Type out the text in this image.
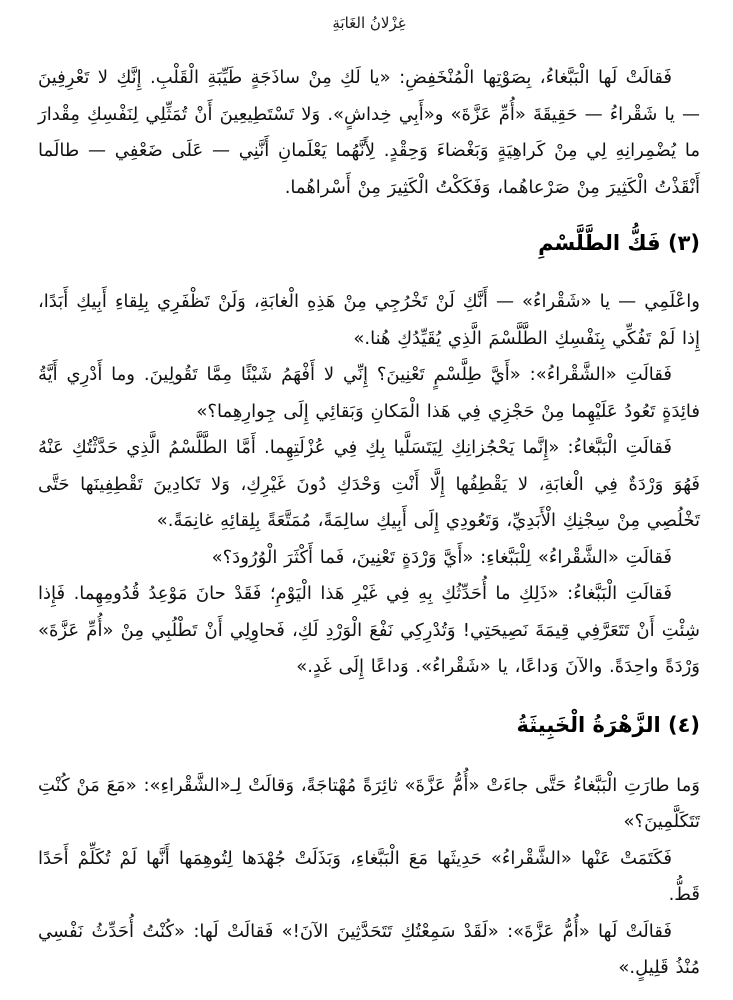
غِزْلانُ الغَابَةِ

فَقالَتْ لَها الْبَبَّغاءُ، بِصَوْتِها الْمُنْخَفِضِ: «يا لَكِ مِنْ ساذَجَةٍ طَيِّبَةِ الْقَلْبِ. إِنَّكِ لا تَعْرِفِينَ — يا شَقْراءُ — حَقِيقَةَ «أُمِّ عَزَّةَ» و«أَبِي خِداشٍ». وَلا تَسْتَطِيعِينَ أَنْ تُمَثِّلِي لِنَفْسِكِ مِقْدارَ ما يُضْمِرانِهِ لِي مِنْ كَراهِيَةٍ وَبَغْضاءَ وَحِقْدٍ. لِأَنَّهُما يَعْلَمانِ أَنَّنِي — عَلَى ضَعْفِي — طالَما أَنْقَذْتُ الْكَثِيرَ مِنْ صَرْعاهُما، وَفَكَكْتُ الْكَثِيرَ مِنْ أَسْراهُما.

(٣) فَكُّ الطَّلَّسْمِ

واعْلَمِي — يا «شَقْراءُ» — أَنَّكِ لَنْ تَخْرُجِي مِنْ هَذِهِ الْغابَةِ، وَلَنْ تَظْفَرِي بِلِقاءِ أَبِيكِ أَبَدًا، إِذا لَمْ تَفُكِّي بِنَفْسِكِ الطَّلَّسْمَ الَّذِي يُقَيِّدُكِ هُنا.»

فَقالَتِ «الشَّقْراءُ»: «أَيَّ طِلَّسْمٍ تَعْنِينَ؟ إِنِّي لا أَفْهَمُ شَيْئًا مِمَّا تَقُولِينَ. وما أَدْرِي أَيَّةُ فائِدَةٍ تَعُودُ عَلَيْهِما مِنْ حَجْزِي فِي هَذا الْمَكانِ وَبَقائِي إِلَى جِوارِهِما؟»

فَقالَتِ الْبَبَّغاءُ: «إِنَّما يَحْجُزانِكِ لِيَتَسَلَّيا بِكِ فِي عُزْلَتِهِما. أَمَّا الطَّلَّسْمُ الَّذِي حَدَّثْتُكِ عَنْهُ فَهُوَ وَرْدَةٌ فِي الْغابَةِ، لا يَقْطِفُها إِلَّا أَنْتِ وَحْدَكِ دُونَ غَيْرِكِ، وَلا تَكادِينَ تَقْطِفِينَها حَتَّى تَخْلُصِي مِنْ سِجْنِكِ الْأَبَدِيِّ، وَتَعُودِي إِلَى أَبِيكِ سالِمَةً، مُمَتَّعَةً بِلِقائِهِ غانِمَةً.»

فَقالَتِ «الشَّقْراءُ» لِلْبَبَّغاءِ: «أَيَّ وَرْدَةٍ تَعْنِينَ، فَما أَكْثَرَ الْوُرُودَ؟»

فَقالَتِ الْبَبَّغاءُ: «ذَلِكِ ما أُحَدِّثُكِ بِهِ فِي غَيْرِ هَذا الْيَوْمِ؛ فَقَدْ حانَ مَوْعِدُ قُدُومِهِما. فَإِذا شِئْتِ أَنْ تَتَعَرَّفِي قِيمَةَ نَصِيحَتِي! وَتُدْرِكِي نَفْعَ الْوَرْدِ لَكِ، فَحاوِلِي أَنْ تَطْلُبِي مِنْ «أُمِّ عَزَّةَ» وَرْدَةً واحِدَةً. والآنَ وَداعًا، يا «شَقْراءُ». وَداعًا إِلَى غَدٍ.»

(٤) الزَّهْرَةُ الْخَبِيثَةُ

وَما طارَتِ الْبَبَّغاءُ حَتَّى جاءَتْ «أُمُّ عَزَّةَ» ثائِرَةً مُهْتاجَةً، وَقالَتْ لِـ«الشَّقْراءِ»: «مَعَ مَنْ كُنْتِ تَتَكَلَّمِينَ؟»

فَكَتَمَتْ عَنْها «الشَّقْراءُ» حَدِيثَها مَعَ الْبَبَّغاءِ، وَبَذَلَتْ جُهْدَها لِتُوهِمَها أَنَّها لَمْ تُكَلِّمْ أَحَدًا قَطُّ.

فَقالَتْ لَها «أُمُّ عَزَّةَ»: «لَقَدْ سَمِعْتُكِ تَتَحَدَّثِينَ الآنَ!» فَقالَتْ لَها: «كُنْتُ أُحَدِّثُ نَفْسِي مُنْذُ قَلِيلٍ.»
